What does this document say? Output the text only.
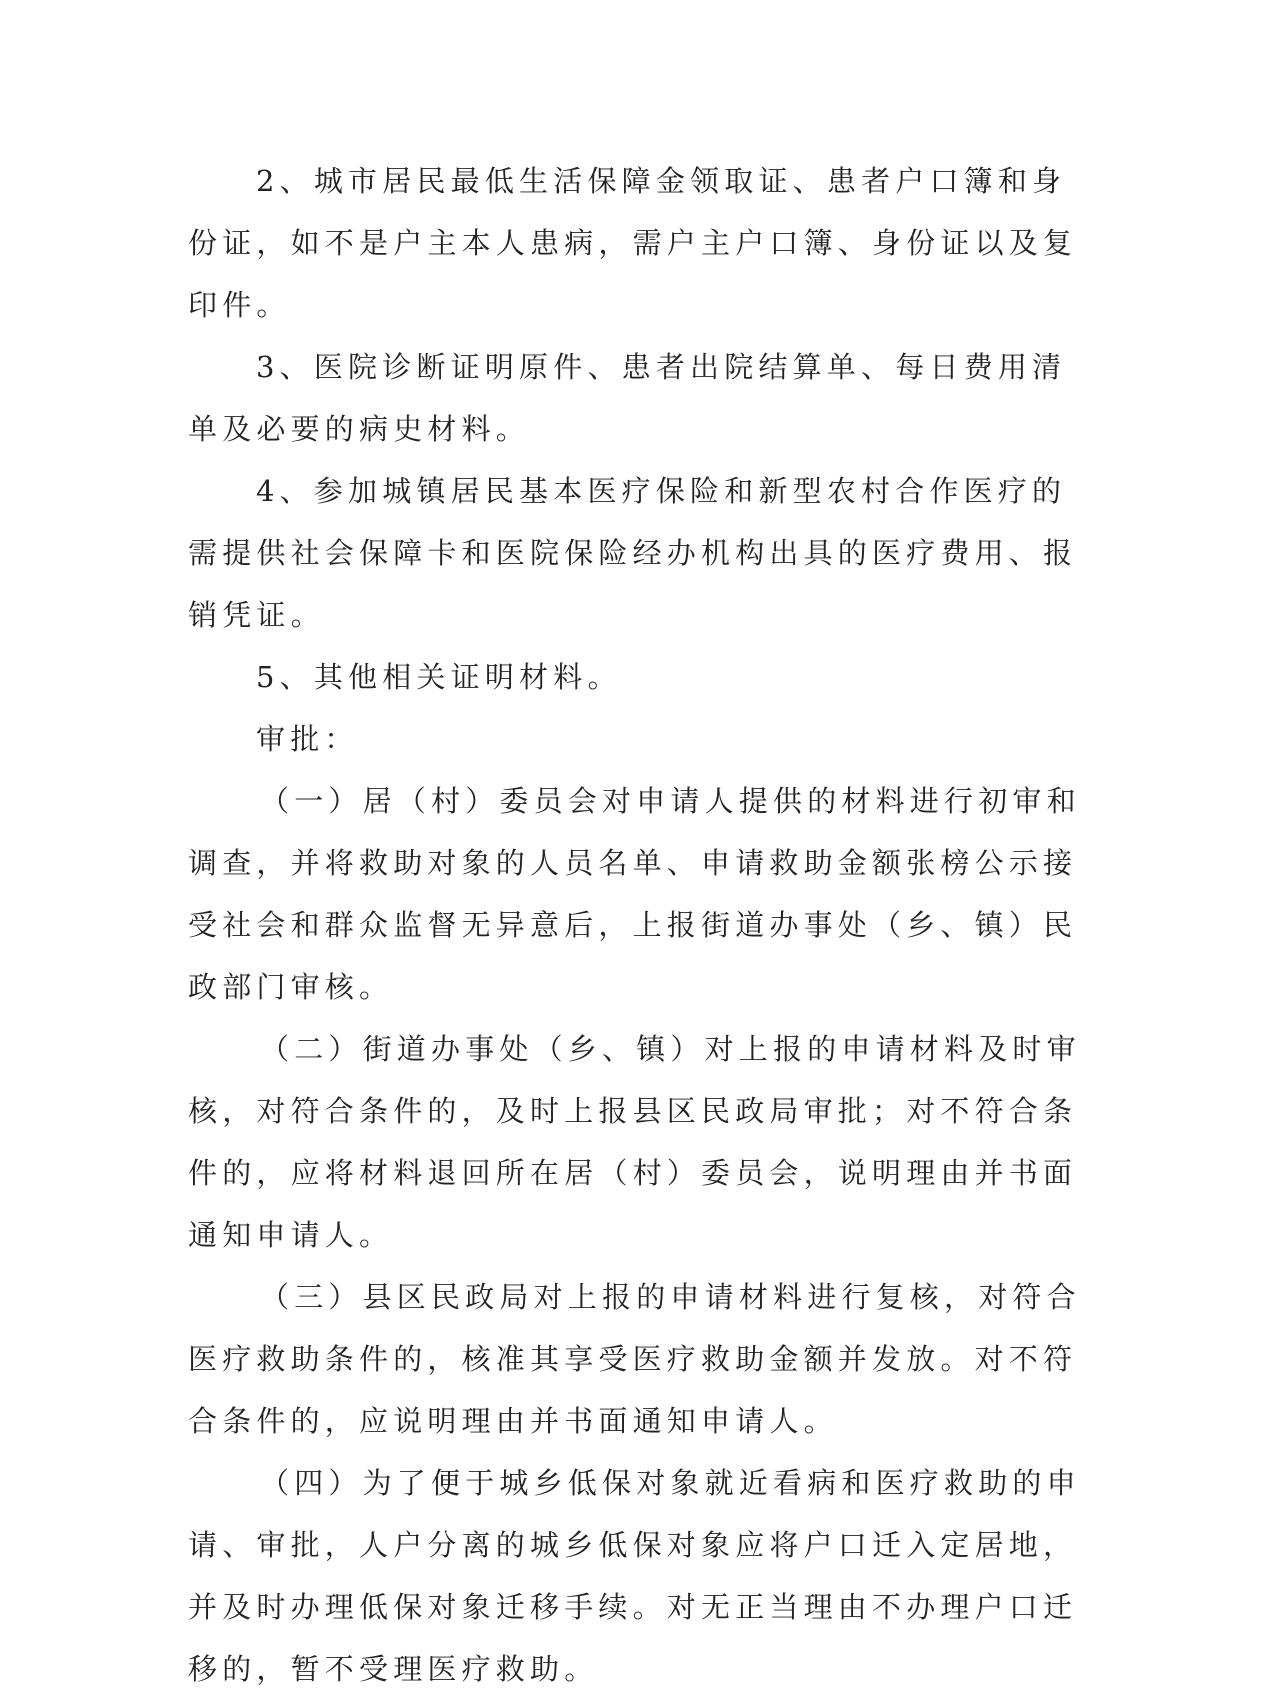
2、城市居民最低生活保障金领取证、患者户口簿和身份证，如不是户主本人患病，需户主户口簿、身份证以及复印件。

3、医院诊断证明原件、患者出院结算单、每日费用清单及必要的病史材料。

4、参加城镇居民基本医疗保险和新型农村合作医疗的需提供社会保障卡和医院保险经办机构出具的医疗费用、报销凭证。

5、其他相关证明材料。

审批：

（一）居（村）委员会对申请人提供的材料进行初审和调查，并将救助对象的人员名单、申请救助金额张榜公示接受社会和群众监督无异意后，上报街道办事处（乡、镇）民政部门审核。

（二）街道办事处（乡、镇）对上报的申请材料及时审核，对符合条件的，及时上报县区民政局审批；对不符合条件的，应将材料退回所在居（村）委员会，说明理由并书面通知申请人。

（三）县区民政局对上报的申请材料进行复核，对符合医疗救助条件的，核准其享受医疗救助金额并发放。对不符合条件的，应说明理由并书面通知申请人。

（四）为了便于城乡低保对象就近看病和医疗救助的申请、审批，人户分离的城乡低保对象应将户口迁入定居地，并及时办理低保对象迁移手续。对无正当理由不办理户口迁移的，暂不受理医疗救助。
